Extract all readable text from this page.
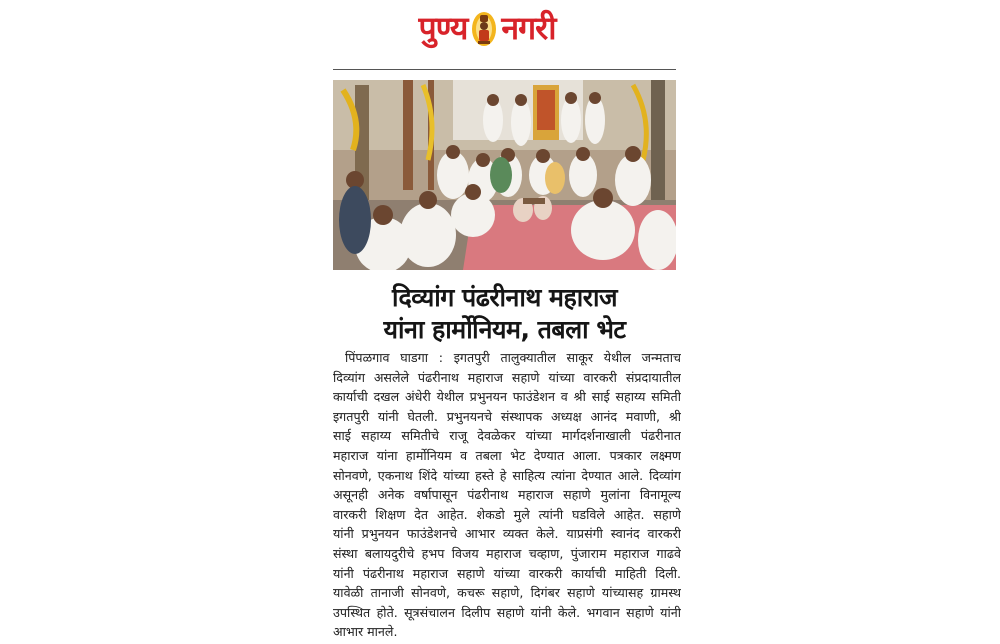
पुण्य नगरी
दिव्यांग पंढरीनाथ महाराज
यांना हार्मोनियम, तबला भेट
पिंपळगाव घाडगा : इगतपुरी तालुक्यातील साकूर येथील जन्मताच
दिव्यांग असलेले पंढरीनाथ महाराज सहाणे यांच्या वारकरी संप्रदायातील
कार्याची दखल अंधेरी येथील प्रभुनयन फाउंडेशन व श्री साई सहाय्य समिती
इगतपुरी यांनी घेतली. प्रभुनयनचे संस्थापक अध्यक्ष आनंद मवाणी, श्री
साई सहाय्य समितीचे राजू देवळेकर यांच्या मार्गदर्शनाखाली पंढरीनात
महाराज यांना हार्मोनियम व तबला भेट देण्यात आला. पत्रकार लक्ष्मण
सोनवणे, एकनाथ शिंदे यांच्या हस्ते हे साहित्य त्यांना देण्यात आले. दिव्यांग
असूनही अनेक वर्षापासून पंढरीनाथ महाराज सहाणे मुलांना विनामूल्य
वारकरी शिक्षण देत आहेत. शेकडो मुले त्यांनी घडविले आहेत. सहाणे
यांनी प्रभुनयन फाउंडेशनचे आभार व्यक्त केले. याप्रसंगी स्वानंद वारकरी
संस्था बलायदुरीचे हभप विजय महाराज चव्हाण, पुंजाराम महाराज गाढवे
यांनी पंढरीनाथ महाराज सहाणे यांच्या वारकरी कार्याची माहिती दिली.
यावेळी तानाजी सोनवणे, कचरू सहाणे, दिगंबर सहाणे यांच्यासह ग्रामस्थ
उपस्थित होते. सूत्रसंचालन दिलीप सहाणे यांनी केले. भगवान सहाणे यांनी
आभार मानले.
